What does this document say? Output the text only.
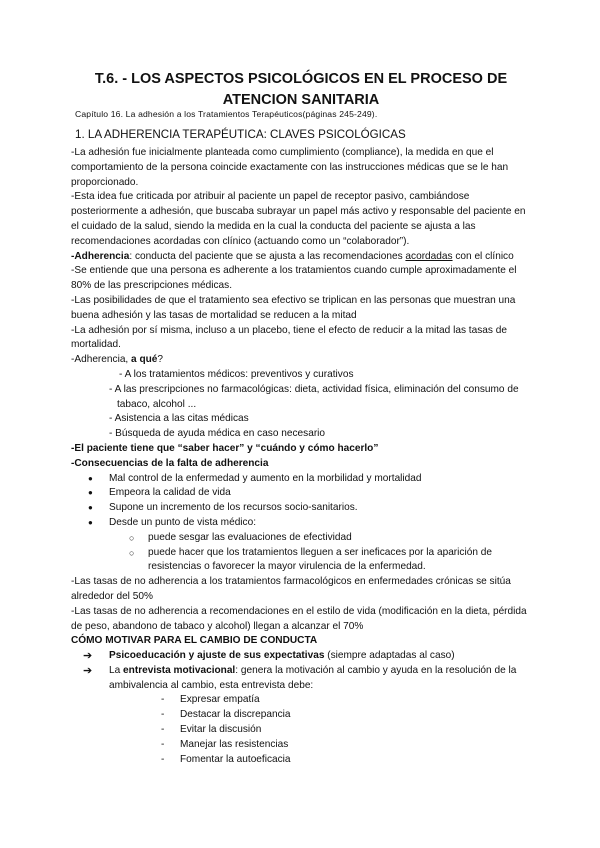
T.6. - LOS ASPECTOS PSICOLÓGICOS EN EL PROCESO DE ATENCION SANITARIA
Capítulo 16. La adhesión a los Tratamientos Terapéuticos(páginas 245-249).
1. LA ADHERENCIA TERAPÉUTICA: CLAVES PSICOLÓGICAS

-La adhesión fue inicialmente planteada como cumplimiento (compliance), la medida en que el comportamiento de la persona coincide exactamente con las instrucciones médicas que se le han proporcionado.

-Esta idea fue criticada por atribuir al paciente un papel de receptor pasivo, cambiándose posteriormente a adhesión, que buscaba subrayar un papel más activo y responsable del paciente en el cuidado de la salud, siendo la medida en la cual la conducta del paciente se ajusta a las recomendaciones acordadas con clínico (actuando como un “colaborador”).

-Adherencia: conducta del paciente que se ajusta a las recomendaciones acordadas con el clínico

-Se entiende que una persona es adherente a los tratamientos cuando cumple aproximadamente el 80% de las prescripciones médicas.

-Las posibilidades de que el tratamiento sea efectivo se triplican en las personas que muestran una buena adhesión y las tasas de mortalidad se reducen a la mitad

-La adhesión por sí misma, incluso a un placebo, tiene el efecto de reducir a la mitad las tasas de mortalidad.

-Adherencia, a qué?

- A los tratamientos médicos: preventivos y curativos

- A las prescripciones no farmacológicas: dieta, actividad física, eliminación del consumo de tabaco, alcohol ...

- Asistencia a las citas médicas

- Búsqueda de ayuda médica en caso necesario

-El paciente tiene que “saber hacer” y “cuándo y cómo hacerlo”

-Consecuencias de la falta de adherencia

● Mal control de la enfermedad y aumento en la morbilidad y mortalidad
● Empeora la calidad de vida
● Supone un incremento de los recursos socio-sanitarios.
● Desde un punto de vista médico:
○ puede sesgar las evaluaciones de efectividad
○ puede hacer que los tratamientos lleguen a ser ineficaces por la aparición de resistencias o favorecer la mayor virulencia de la enfermedad.

-Las tasas de no adherencia a los tratamientos farmacológicos en enfermedades crónicas se sitúa alrededor del 50%

-Las tasas de no adherencia a recomendaciones en el estilo de vida (modificación en la dieta, pérdida de peso, abandono de tabaco y alcohol) llegan a alcanzar el 70%

CÓMO MOTIVAR PARA EL CAMBIO DE CONDUCTA

➔ Psicoeducación y ajuste de sus expectativas (siempre adaptadas al caso)

➔ La entrevista motivacional: genera la motivación al cambio y ayuda en la resolución de la ambivalencia al cambio, esta entrevista debe:

- Expresar empatía

- Destacar la discrepancia

- Evitar la discusión

- Manejar las resistencias

- Fomentar la autoeficacia
